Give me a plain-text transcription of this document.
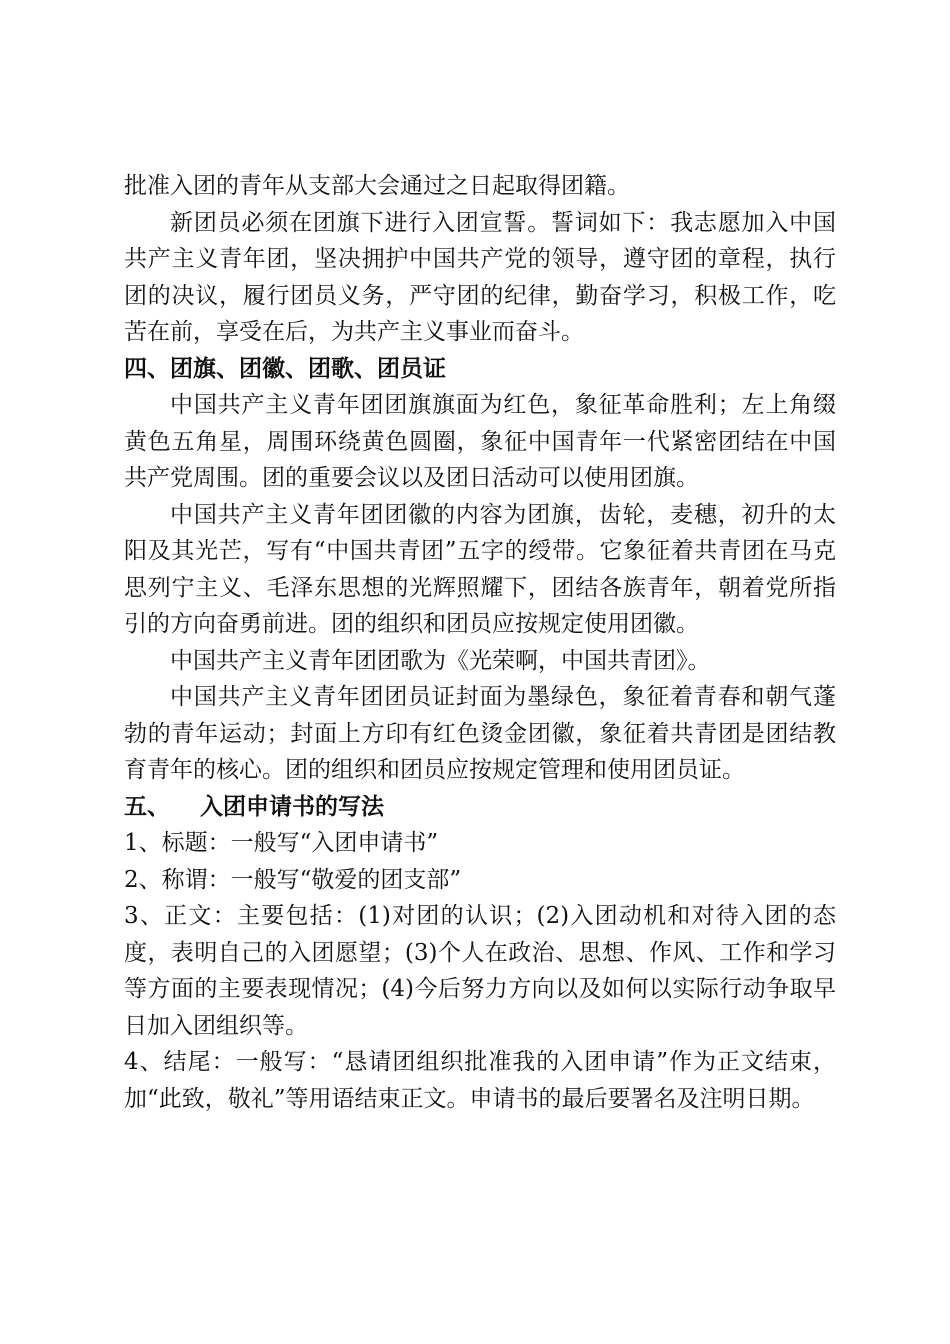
批准入团的青年从支部大会通过之日起取得团籍。

新团员必须在团旗下进行入团宣誓。誓词如下：我志愿加入中国共产主义青年团，坚决拥护中国共产党的领导，遵守团的章程，执行团的决议，履行团员义务，严守团的纪律，勤奋学习，积极工作，吃苦在前，享受在后，为共产主义事业而奋斗。

四、团旗、团徽、团歌、团员证

中国共产主义青年团团旗旗面为红色，象征革命胜利；左上角缀黄色五角星，周围环绕黄色圆圈，象征中国青年一代紧密团结在中国共产党周围。团的重要会议以及团日活动可以使用团旗。

中国共产主义青年团团徽的内容为团旗，齿轮，麦穗，初升的太阳及其光芒，写有“中国共青团”五字的绶带。它象征着共青团在马克思列宁主义、毛泽东思想的光辉照耀下，团结各族青年，朝着党所指引的方向奋勇前进。团的组织和团员应按规定使用团徽。

中国共产主义青年团团歌为《光荣啊，中国共青团》。

中国共产主义青年团团员证封面为墨绿色，象征着青春和朝气蓬勃的青年运动；封面上方印有红色烫金团徽，象征着共青团是团结教育青年的核心。团的组织和团员应按规定管理和使用团员证。

五、 入团申请书的写法

1、标题：一般写“入团申请书”

2、称谓：一般写“敬爱的团支部”

3、正文：主要包括：(1)对团的认识；(2)入团动机和对待入团的态度，表明自己的入团愿望；(3)个人在政治、思想、作风、工作和学习等方面的主要表现情况；(4)今后努力方向以及如何以实际行动争取早日加入团组织等。

4、结尾：一般写：“恳请团组织批准我的入团申请”作为正文结束，加“此致，敬礼”等用语结束正文。申请书的最后要署名及注明日期。
